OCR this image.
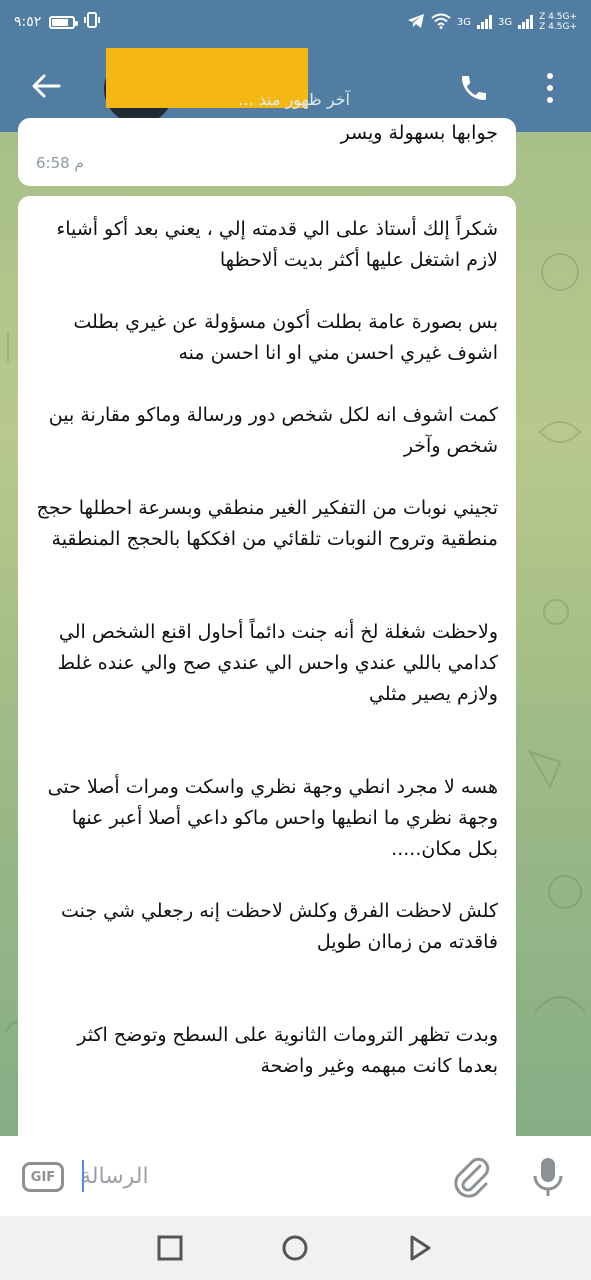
٩:٥٢	3G	3G	Z 4.5G+
Z 4.5G+
آخر ظهور منذ ...
جوابها بسهولة ويسر
6:58 م
شكراً إلك أستاذ على الي قدمته إلي ، يعني بعد أكو أشياء لازم اشتغل عليها أكثر بديت ألاحظها
بس بصورة عامة بطلت أكون مسؤولة عن غيري بطلت اشوف غيري احسن مني او انا احسن منه
كمت اشوف انه لكل شخص دور ورسالة وماكو مقارنة بين شخص وآخر
تجيني نوبات من التفكير الغير منطقي وبسرعة احطلها حجج منطقية وتروح النوبات تلقائي من افككها بالحجج المنطقية
ولاحظت شغلة لخ أنه جنت دائماً أحاول اقنع الشخص الي كدامي باللي عندي واحس الي عندي صح والي عنده غلط ولازم يصير مثلي
هسه لا مجرد انطي وجهة نظري واسكت ومرات أصلا حتى وجهة نظري ما انطيها واحس ماكو داعي أصلا أعبر عنها بكل مكان.....
كلش لاحظت الفرق وكلش لاحظت إنه رجعلي شي جنت فاقدته من زماان طويل
وبدت تظهر الترومات الثانوية على السطح وتوضح اكثر بعدما كانت مبهمه وغير واضحة
GIF
الرسالة
